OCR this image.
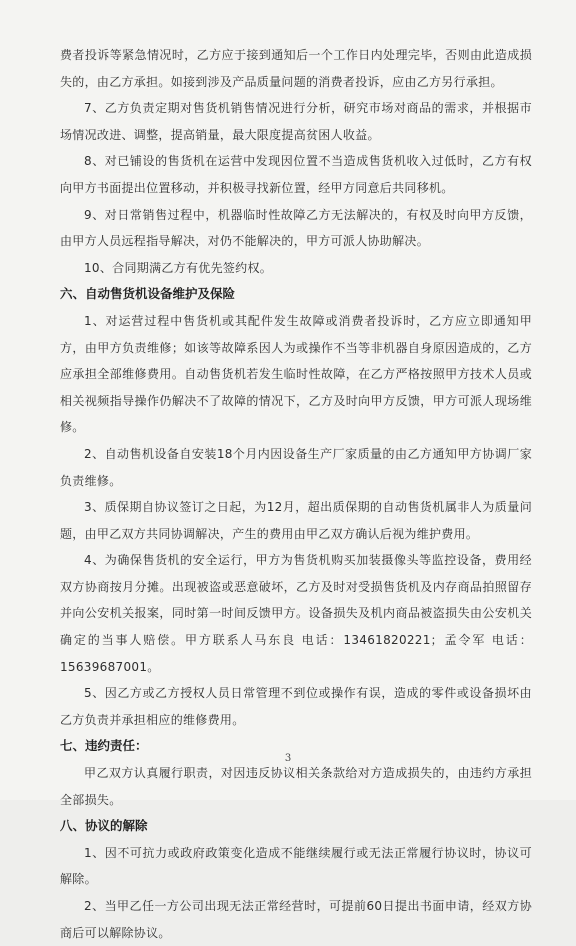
费者投诉等紧急情况时，乙方应于接到通知后一个工作日内处理完毕，否则由此造成损失的，由乙方承担。如接到涉及产品质量问题的消费者投诉，应由乙方另行承担。

7、乙方负责定期对售货机销售情况进行分析，研究市场对商品的需求，并根据市场情况改进、调整，提高销量，最大限度提高贫困人收益。

8、对已铺设的售货机在运营中发现因位置不当造成售货机收入过低时，乙方有权向甲方书面提出位置移动，并积极寻找新位置，经甲方同意后共同移机。

9、对日常销售过程中，机器临时性故障乙方无法解决的，有权及时向甲方反馈，由甲方人员远程指导解决，对仍不能解决的，甲方可派人协助解决。

10、合同期满乙方有优先签约权。

六、自动售货机设备维护及保险

1、对运营过程中售货机或其配件发生故障或消费者投诉时，乙方应立即通知甲方，由甲方负责维修；如该等故障系因人为或操作不当等非机器自身原因造成的，乙方应承担全部维修费用。自动售货机若发生临时性故障，在乙方严格按照甲方技术人员或相关视频指导操作仍解决不了故障的情况下，乙方及时向甲方反馈，甲方可派人现场维修。

2、自动售机设备自安装18个月内因设备生产厂家质量的由乙方通知甲方协调厂家负责维修。

3、质保期自协议签订之日起，为12月，超出质保期的自动售货机属非人为质量问题，由甲乙双方共同协调解决，产生的费用由甲乙双方确认后视为维护费用。

4、为确保售货机的安全运行，甲方为售货机购买加装摄像头等监控设备，费用经双方协商按月分摊。出现被盗或恶意破坏，乙方及时对受损售货机及内存商品拍照留存并向公安机关报案，同时第一时间反馈甲方。设备损失及机内商品被盗损失由公安机关确定的当事人赔偿。甲方联系人马东良 电话：13461820221；孟令军 电话：15639687001。

5、因乙方或乙方授权人员日常管理不到位或操作有误，造成的零件或设备损坏由乙方负责并承担相应的维修费用。

七、违约责任：

甲乙双方认真履行职责，对因违反协议相关条款给对方造成损失的，由违约方承担全部损失。

八、协议的解除

1、因不可抗力或政府政策变化造成不能继续履行或无法正常履行协议时，协议可解除。

2、当甲乙任一方公司出现无法正常经营时，可提前60日提出书面申请，经双方协商后可以解除协议。

3
